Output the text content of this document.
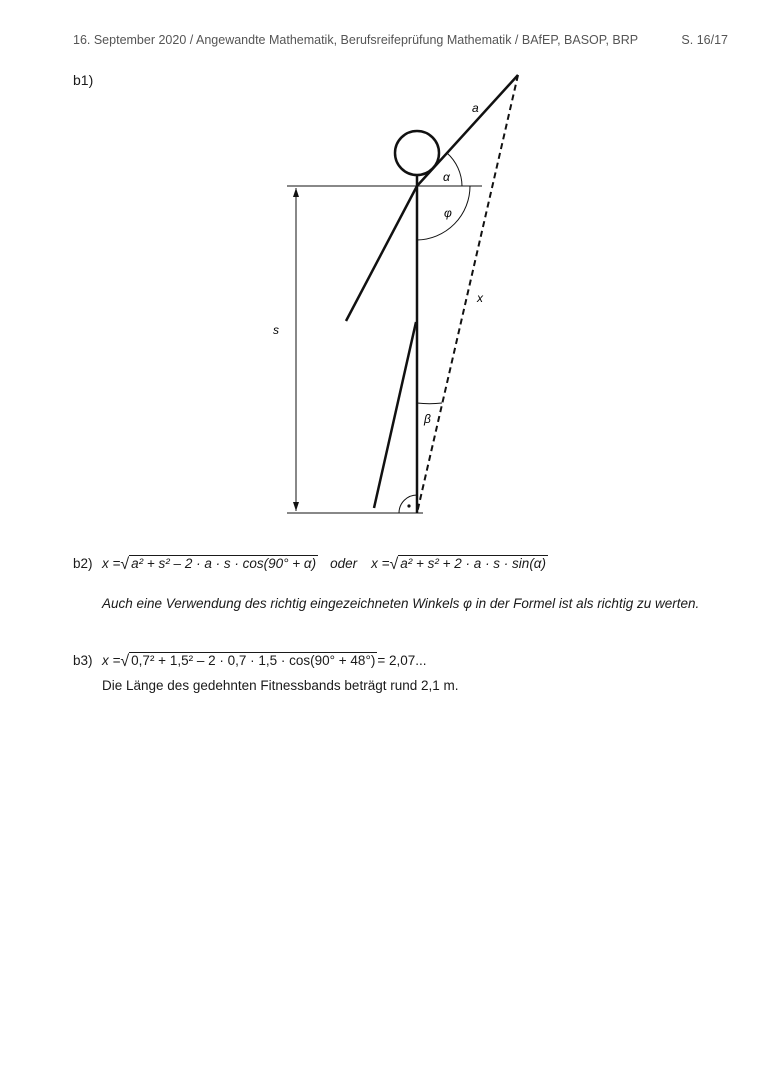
16. September 2020 / Angewandte Mathematik, Berufsreifeprüfung Mathematik / BAfEP, BASOP, BRP	S. 16/17
b1)
a
α
φ
x
s
β
b2) x = √ a² + s² – 2 · a · s · cos(90° + α) oder x = √ a² + s² + 2 · a · s · sin(α)
Auch eine Verwendung des richtig eingezeichneten Winkels φ in der Formel ist als richtig zu werten.
b3) x = √ 0,7² + 1,5² – 2 · 0,7 · 1,5 · cos(90° + 48°) = 2,07...
Die Länge des gedehnten Fitnessbands beträgt rund 2,1 m.
